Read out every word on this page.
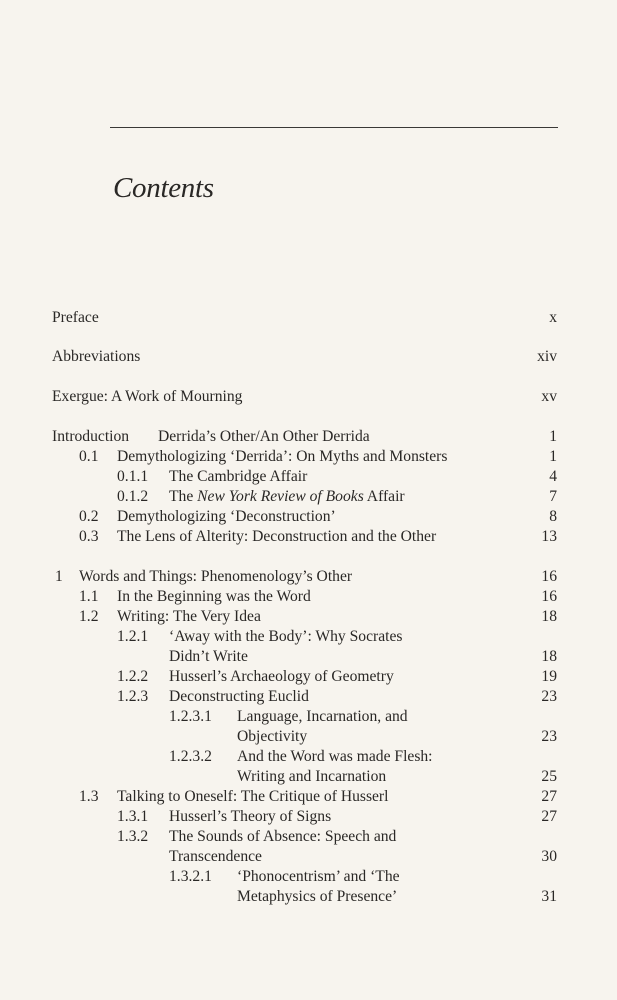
Contents
Preface	x
Abbreviations	xiv
Exergue: A Work of Mourning	xv
Introduction Derrida’s Other/An Other Derrida	1
0.1 Demythologizing ‘Derrida’: On Myths and Monsters	1
0.1.1 The Cambridge Affair	4
0.1.2 The New York Review of Books Affair	7
0.2 Demythologizing ‘Deconstruction’	8
0.3 The Lens of Alterity: Deconstruction and the Other	13
1 Words and Things: Phenomenology’s Other	16
1.1 In the Beginning was the Word	16
1.2 Writing: The Very Idea	18
1.2.1 ‘Away with the Body’: Why Socrates
Didn’t Write	18
1.2.2 Husserl’s Archaeology of Geometry	19
1.2.3 Deconstructing Euclid	23
1.2.3.1 Language, Incarnation, and
Objectivity	23
1.2.3.2 And the Word was made Flesh:
Writing and Incarnation	25
1.3 Talking to Oneself: The Critique of Husserl	27
1.3.1 Husserl’s Theory of Signs	27
1.3.2 The Sounds of Absence: Speech and
Transcendence	30
1.3.2.1 ‘Phonocentrism’ and ‘The
Metaphysics of Presence’	31
